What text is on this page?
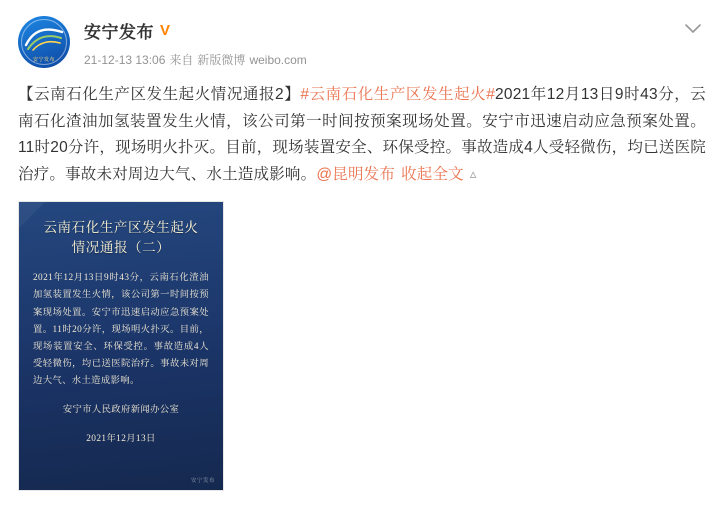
安宁发布
安宁发布 V
21-12-13 13:06 来自 新版微博 weibo.com
【云南石化生产区发生起火情况通报2】#云南石化生产区发生起火#2021年12月13日9时43分，云南石化渣油加氢装置发生火情，该公司第一时间按预案现场处置。安宁市迅速启动应急预案处置。11时20分许，现场明火扑灭。目前，现场装置安全、环保受控。事故造成4人受轻微伤，均已送医院治疗。事故未对周边大气、水土造成影响。@昆明发布 收起全文 ▵
云南石化生产区发生起火
情况通报（二）
2021年12月13日9时43分，云南石化渣油加氢装置发生火情，该公司第一时间按预案现场处置。安宁市迅速启动应急预案处置。11时20分许，现场明火扑灭。目前，现场装置安全、环保受控。事故造成4人受轻微伤，均已送医院治疗。事故未对周边大气、水土造成影响。
安宁市人民政府新闻办公室
2021年12月13日
安宁发布
